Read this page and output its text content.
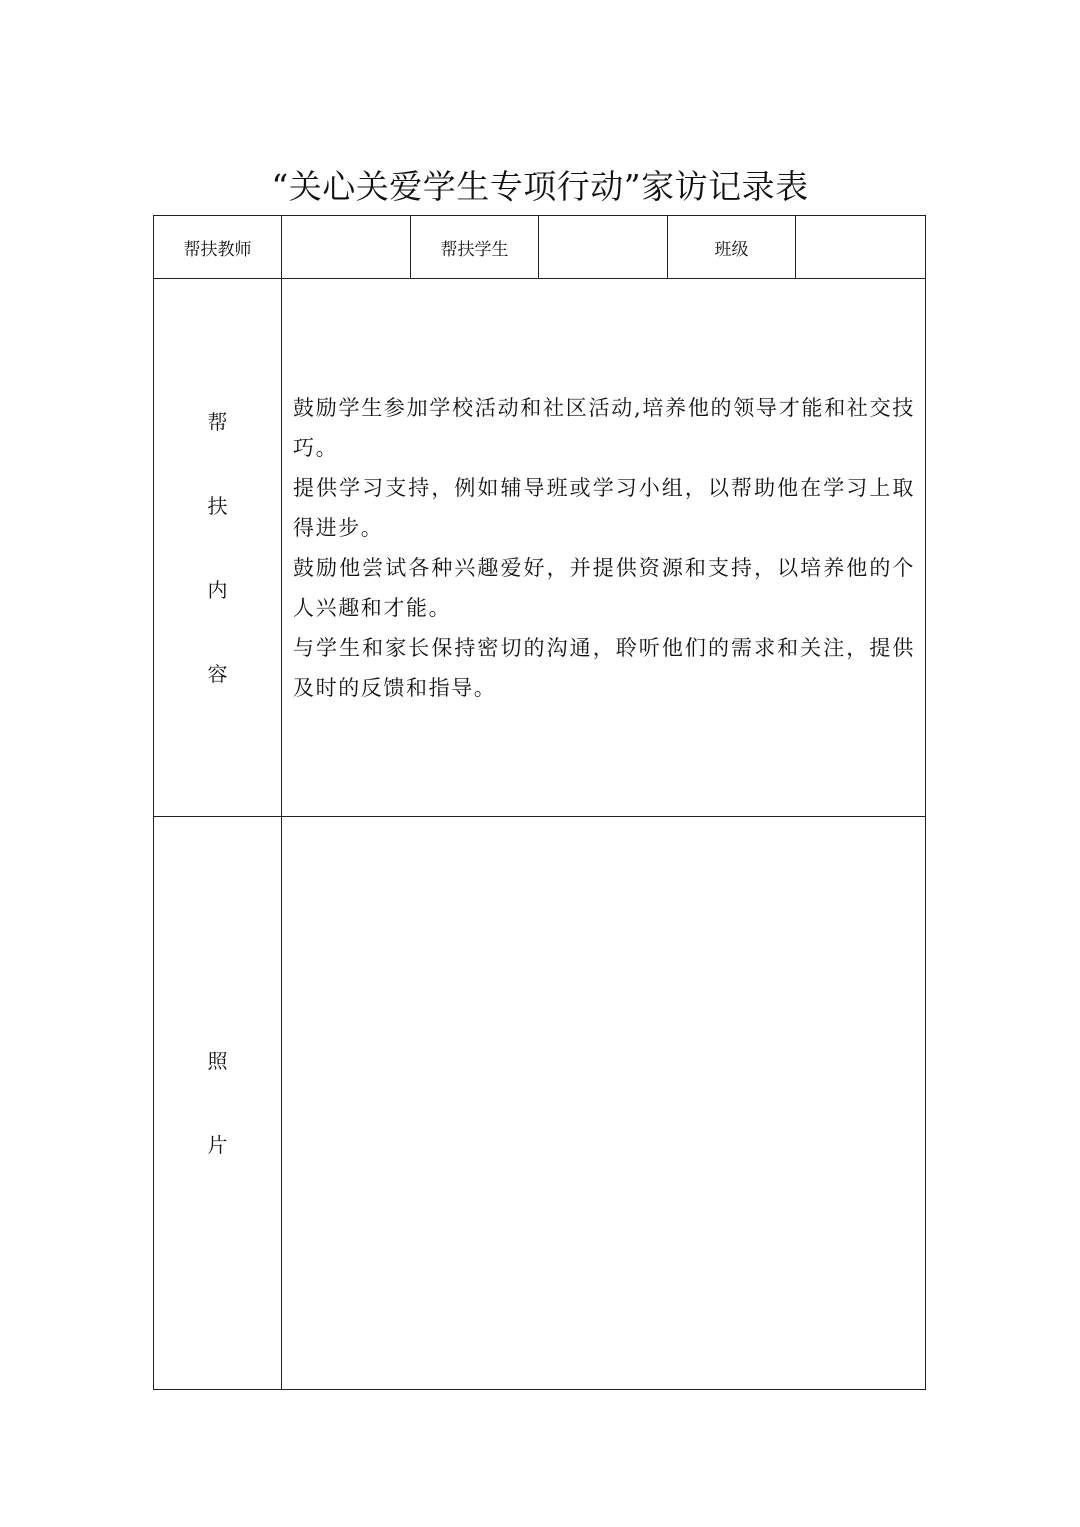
“关心关爱学生专项行动”家访记录表
帮扶教师		帮扶学生		班级	

帮
扶
内
容	鼓励学生参加学校活动和社区活动,培养他的领导才能和社交技巧。
提供学习支持，例如辅导班或学习小组，以帮助他在学习上取得进步。
鼓励他尝试各种兴趣爱好，并提供资源和支持，以培养他的个人兴趣和才能。
与学生和家长保持密切的沟通，聆听他们的需求和关注，提供及时的反馈和指导。				

照
片					
